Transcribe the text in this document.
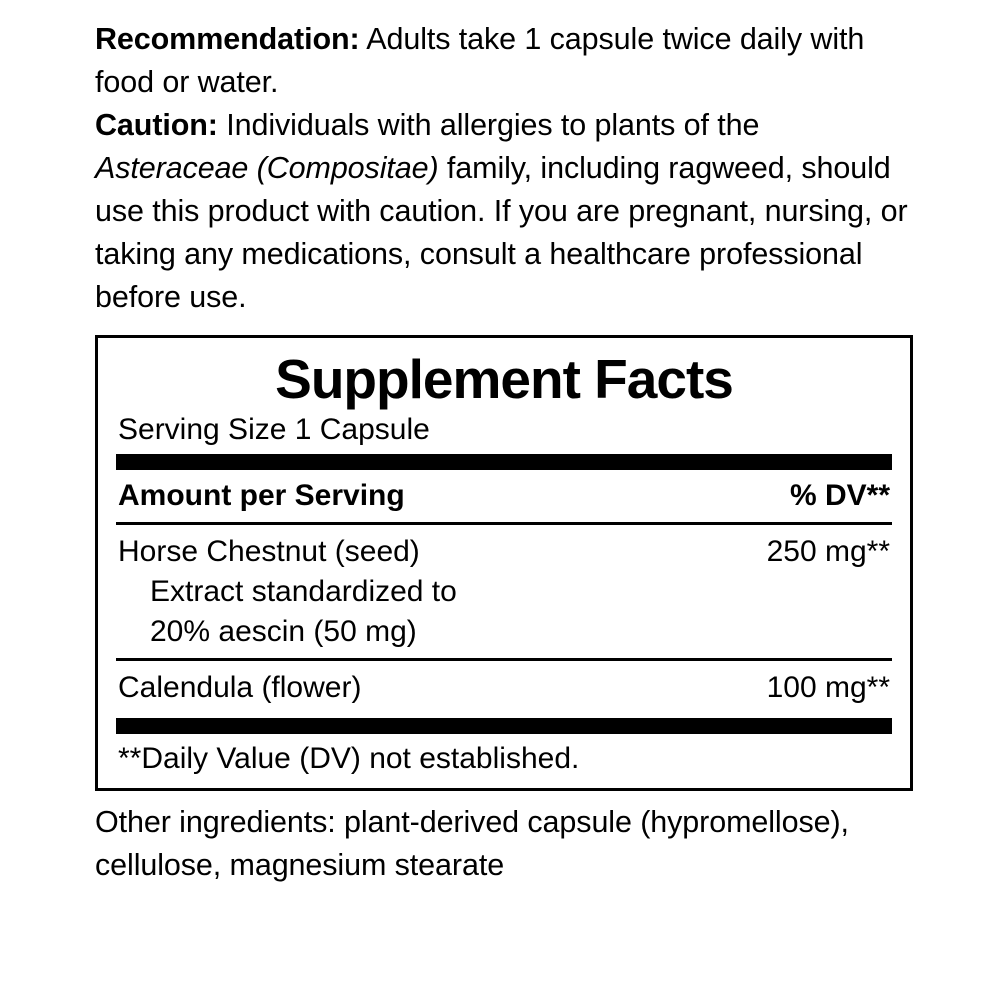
Recommendation: Adults take 1 capsule twice daily with food or water.

Caution: Individuals with allergies to plants of the Asteraceae (Compositae) family, including ragweed, should use this product with caution. If you are pregnant, nursing, or taking any medications, consult a healthcare professional before use.

Supplement Facts
Serving Size 1 Capsule
Amount per Serving	% DV**
Horse Chestnut (seed)
Extract standardized to
20% aescin (50 mg)
250 mg**
Calendula (flower)	100 mg**
**Daily Value (DV) not established.

Other ingredients: plant-derived capsule (hypromellose), cellulose, magnesium stearate
